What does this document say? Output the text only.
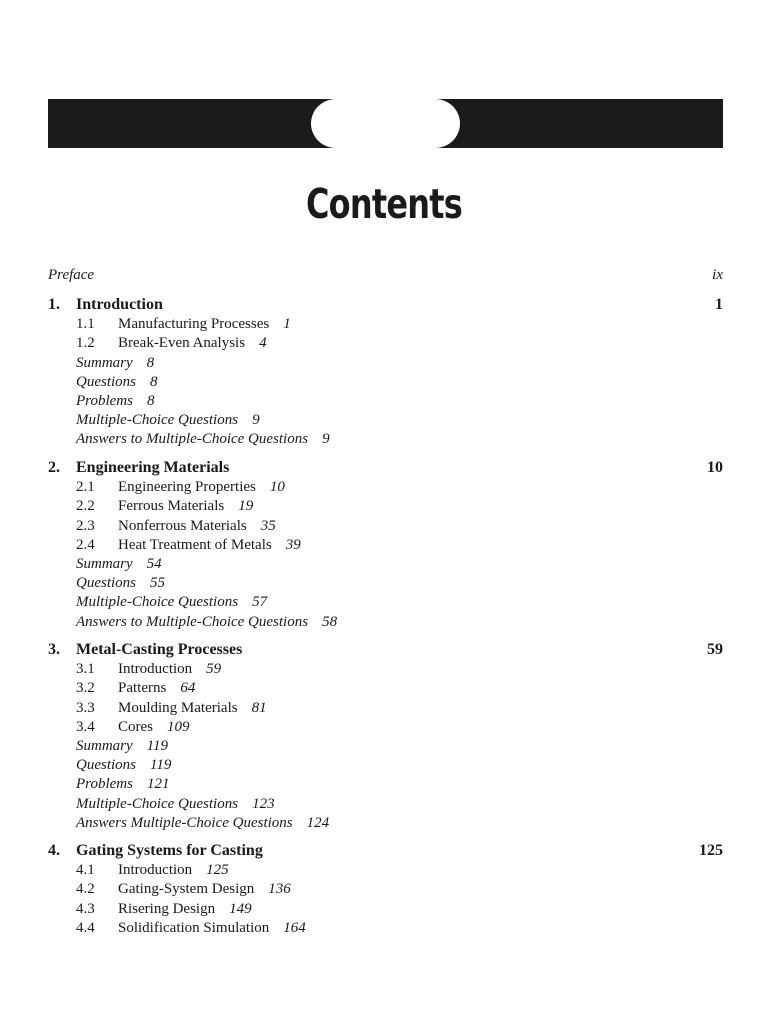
Contents
Preface	ix
1. Introduction	1
1.1 Manufacturing Processes 1
1.2 Break-Even Analysis 4
Summary 8
Questions 8
Problems 8
Multiple-Choice Questions 9
Answers to Multiple-Choice Questions 9
2. Engineering Materials	10
2.1 Engineering Properties 10
2.2 Ferrous Materials 19
2.3 Nonferrous Materials 35
2.4 Heat Treatment of Metals 39
Summary 54
Questions 55
Multiple-Choice Questions 57
Answers to Multiple-Choice Questions 58
3. Metal-Casting Processes	59
3.1 Introduction 59
3.2 Patterns 64
3.3 Moulding Materials 81
3.4 Cores 109
Summary 119
Questions 119
Problems 121
Multiple-Choice Questions 123
Answers Multiple-Choice Questions 124
4. Gating Systems for Casting	125
4.1 Introduction 125
4.2 Gating-System Design 136
4.3 Risering Design 149
4.4 Solidification Simulation 164
